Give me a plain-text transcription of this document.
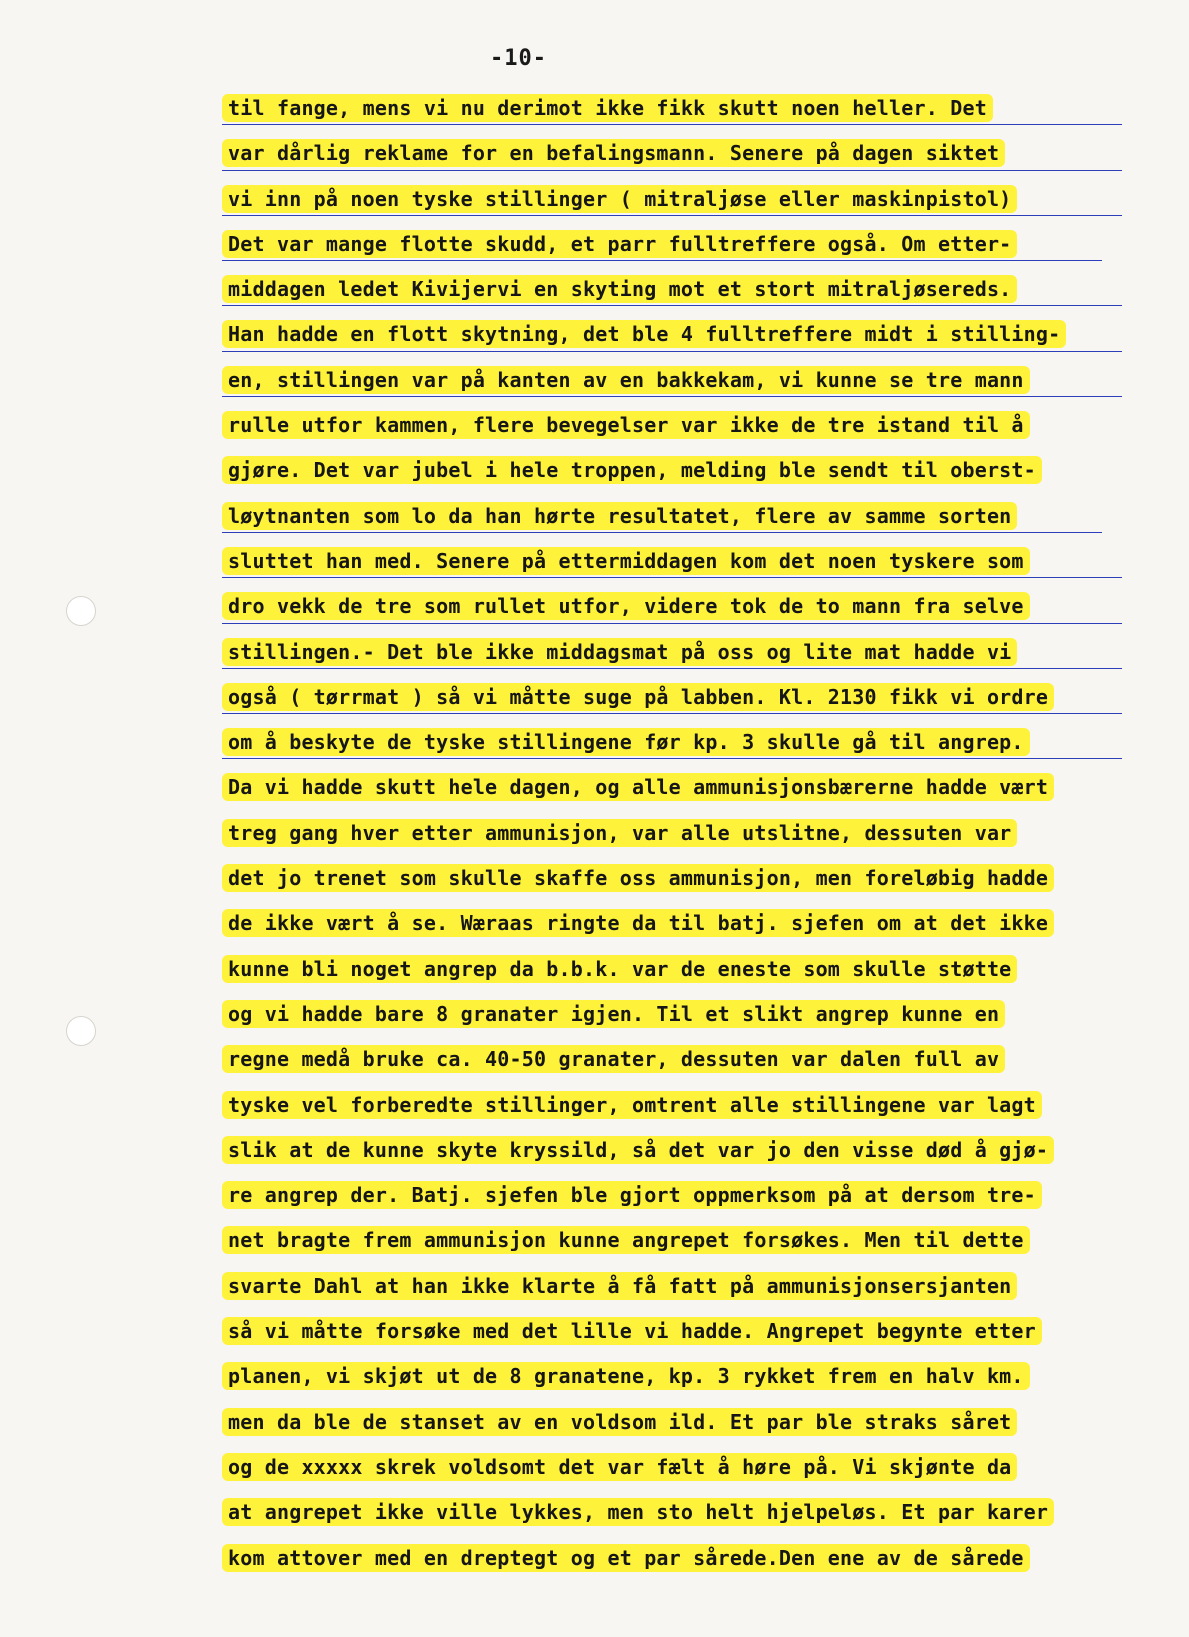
-10-
til fange, mens vi nu derimot ikke fikk skutt noen heller. Det
var dårlig reklame for en befalingsmann. Senere på dagen siktet
vi inn på noen tyske stillinger ( mitraljøse eller maskinpistol)
Det var mange flotte skudd, et parr fulltreffere også. Om etter-
middagen ledet Kivijervi en skyting mot et stort mitraljøsereds.
Han hadde en flott skytning, det ble 4 fulltreffere midt i stilling-
en, stillingen var på kanten av en bakkekam, vi kunne se tre mann
rulle utfor kammen, flere bevegelser var ikke de tre istand til å
gjøre. Det var jubel i hele troppen, melding ble sendt til oberst-
løytnanten som lo da han hørte resultatet, flere av samme sorten
sluttet han med. Senere på ettermiddagen kom det noen tyskere som
dro vekk de tre som rullet utfor, videre tok de to mann fra selve
stillingen.- Det ble ikke middagsmat på oss og lite mat hadde vi
også ( tørrmat ) så vi måtte suge på labben. Kl. 2130 fikk vi ordre
om å beskyte de tyske stillingene før kp. 3 skulle gå til angrep.
Da vi hadde skutt hele dagen, og alle ammunisjonsbærerne hadde vært
treg gang hver etter ammunisjon, var alle utslitne, dessuten var
det jo trenet som skulle skaffe oss ammunisjon, men foreløbig hadde
de ikke vært å se. Wæraas ringte da til batj. sjefen om at det ikke
kunne bli noget angrep da b.b.k. var de eneste som skulle støtte
og vi hadde bare 8 granater igjen. Til et slikt angrep kunne en
regne medå bruke ca. 40-50 granater, dessuten var dalen full av
tyske vel forberedte stillinger, omtrent alle stillingene var lagt
slik at de kunne skyte kryssild, så det var jo den visse død å gjø-
re angrep der. Batj. sjefen ble gjort oppmerksom på at dersom tre-
net bragte frem ammunisjon kunne angrepet forsøkes. Men til dette
svarte Dahl at han ikke klarte å få fatt på ammunisjonsersjanten
så vi måtte forsøke med det lille vi hadde. Angrepet begynte etter
planen, vi skjøt ut de 8 granatene, kp. 3 rykket frem en halv km.
men da ble de stanset av en voldsom ild. Et par ble straks såret
og de xxxxx skrek voldsomt det var fælt å høre på. Vi skjønte da
at angrepet ikke ville lykkes, men sto helt hjelpeløs. Et par karer
kom attover med en dreptegt og et par sårede.Den ene av de sårede
